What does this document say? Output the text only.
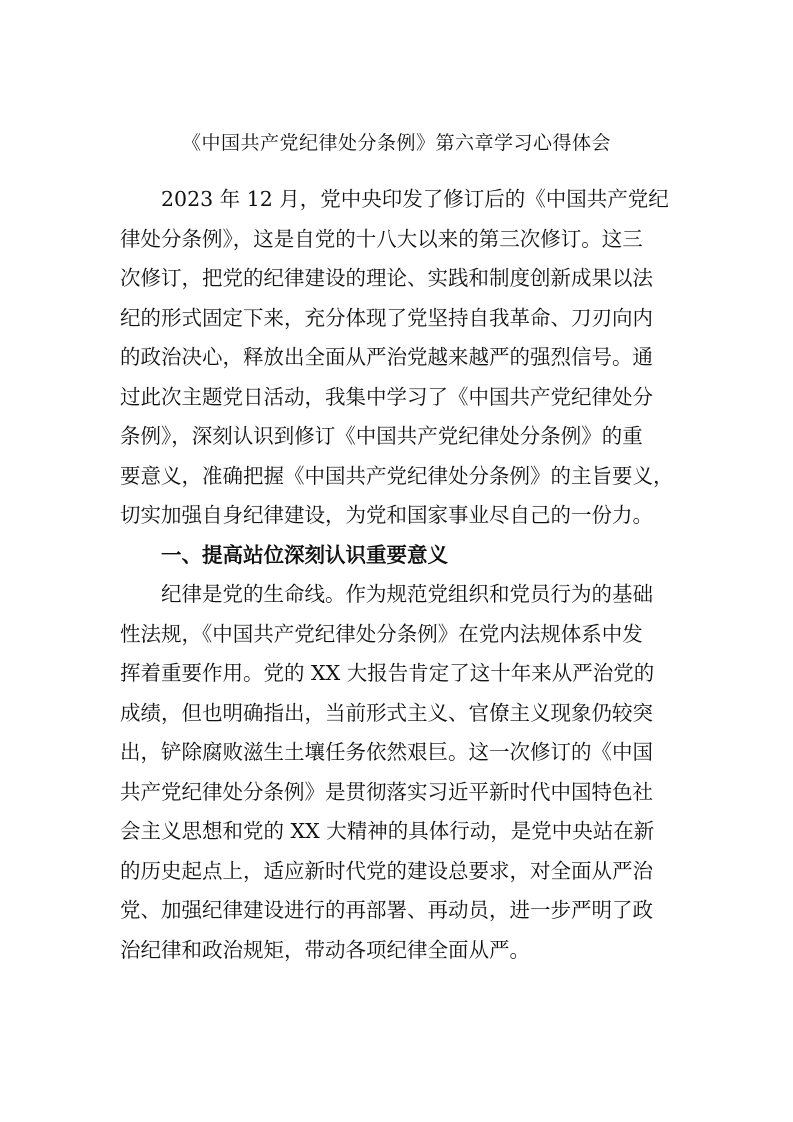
《中国共产党纪律处分条例》第六章学习心得体会

2023 年 12 月，党中央印发了修订后的《中国共产党纪
律处分条例》，这是自党的十八大以来的第三次修订。这三
次修订，把党的纪律建设的理论、实践和制度创新成果以法
纪的形式固定下来，充分体现了党坚持自我革命、刀刃向内
的政治决心，释放出全面从严治党越来越严的强烈信号。通
过此次主题党日活动，我集中学习了《中国共产党纪律处分
条例》，深刻认识到修订《中国共产党纪律处分条例》的重
要意义，准确把握《中国共产党纪律处分条例》的主旨要义，
切实加强自身纪律建设，为党和国家事业尽自己的一份力。

一、提高站位深刻认识重要意义

纪律是党的生命线。作为规范党组织和党员行为的基础
性法规，《中国共产党纪律处分条例》在党内法规体系中发
挥着重要作用。党的 XX 大报告肯定了这十年来从严治党的
成绩，但也明确指出，当前形式主义、官僚主义现象仍较突
出，铲除腐败滋生土壤任务依然艰巨。这一次修订的《中国
共产党纪律处分条例》是贯彻落实习近平新时代中国特色社
会主义思想和党的 XX 大精神的具体行动，是党中央站在新
的历史起点上，适应新时代党的建设总要求，对全面从严治
党、加强纪律建设进行的再部署、再动员，进一步严明了政
治纪律和政治规矩，带动各项纪律全面从严。
